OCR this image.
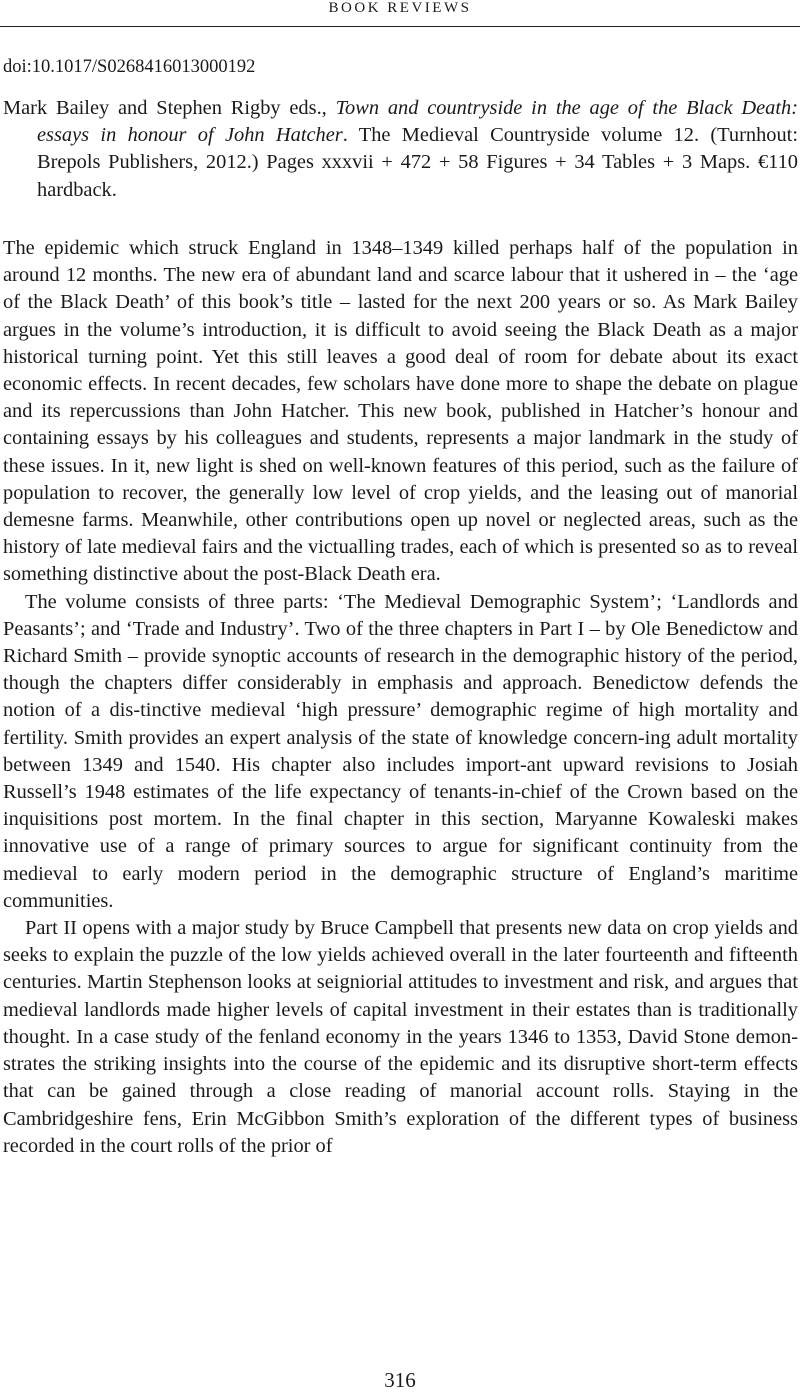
BOOK REVIEWS
doi:10.1017/S0268416013000192
Mark Bailey and Stephen Rigby eds., Town and countryside in the age of the Black Death: essays in honour of John Hatcher. The Medieval Countryside volume 12. (Turnhout: Brepols Publishers, 2012.) Pages xxxvii + 472 + 58 Figures + 34 Tables + 3 Maps. €110 hardback.

The epidemic which struck England in 1348–1349 killed perhaps half of the population in around 12 months. The new era of abundant land and scarce labour that it ushered in – the ‘age of the Black Death’ of this book’s title – lasted for the next 200 years or so. As Mark Bailey argues in the volume’s introduction, it is difficult to avoid seeing the Black Death as a major historical turning point. Yet this still leaves a good deal of room for debate about its exact economic effects. In recent decades, few scholars have done more to shape the debate on plague and its repercussions than John Hatcher. This new book, published in Hatcher’s honour and containing essays by his colleagues and students, represents a major landmark in the study of these issues. In it, new light is shed on well-known features of this period, such as the failure of population to recover, the generally low level of crop yields, and the leasing out of manorial demesne farms. Meanwhile, other contributions open up novel or neglected areas, such as the history of late medieval fairs and the victualling trades, each of which is presented so as to reveal something distinctive about the post-Black Death era.

The volume consists of three parts: ‘The Medieval Demographic System’; ‘Landlords and Peasants’; and ‘Trade and Industry’. Two of the three chapters in Part I – by Ole Benedictow and Richard Smith – provide synoptic accounts of research in the demographic history of the period, though the chapters differ considerably in emphasis and approach. Benedictow defends the notion of a dis-tinctive medieval ‘high pressure’ demographic regime of high mortality and fertility. Smith provides an expert analysis of the state of knowledge concern-ing adult mortality between 1349 and 1540. His chapter also includes import-ant upward revisions to Josiah Russell’s 1948 estimates of the life expectancy of tenants-in-chief of the Crown based on the inquisitions post mortem. In the final chapter in this section, Maryanne Kowaleski makes innovative use of a range of primary sources to argue for significant continuity from the medieval to early modern period in the demographic structure of England’s maritime communities.

Part II opens with a major study by Bruce Campbell that presents new data on crop yields and seeks to explain the puzzle of the low yields achieved overall in the later fourteenth and fifteenth centuries. Martin Stephenson looks at seigniorial attitudes to investment and risk, and argues that medieval landlords made higher levels of capital investment in their estates than is traditionally thought. In a case study of the fenland economy in the years 1346 to 1353, David Stone demon-strates the striking insights into the course of the epidemic and its disruptive short-term effects that can be gained through a close reading of manorial account rolls. Staying in the Cambridgeshire fens, Erin McGibbon Smith’s exploration of the different types of business recorded in the court rolls of the prior of

316
